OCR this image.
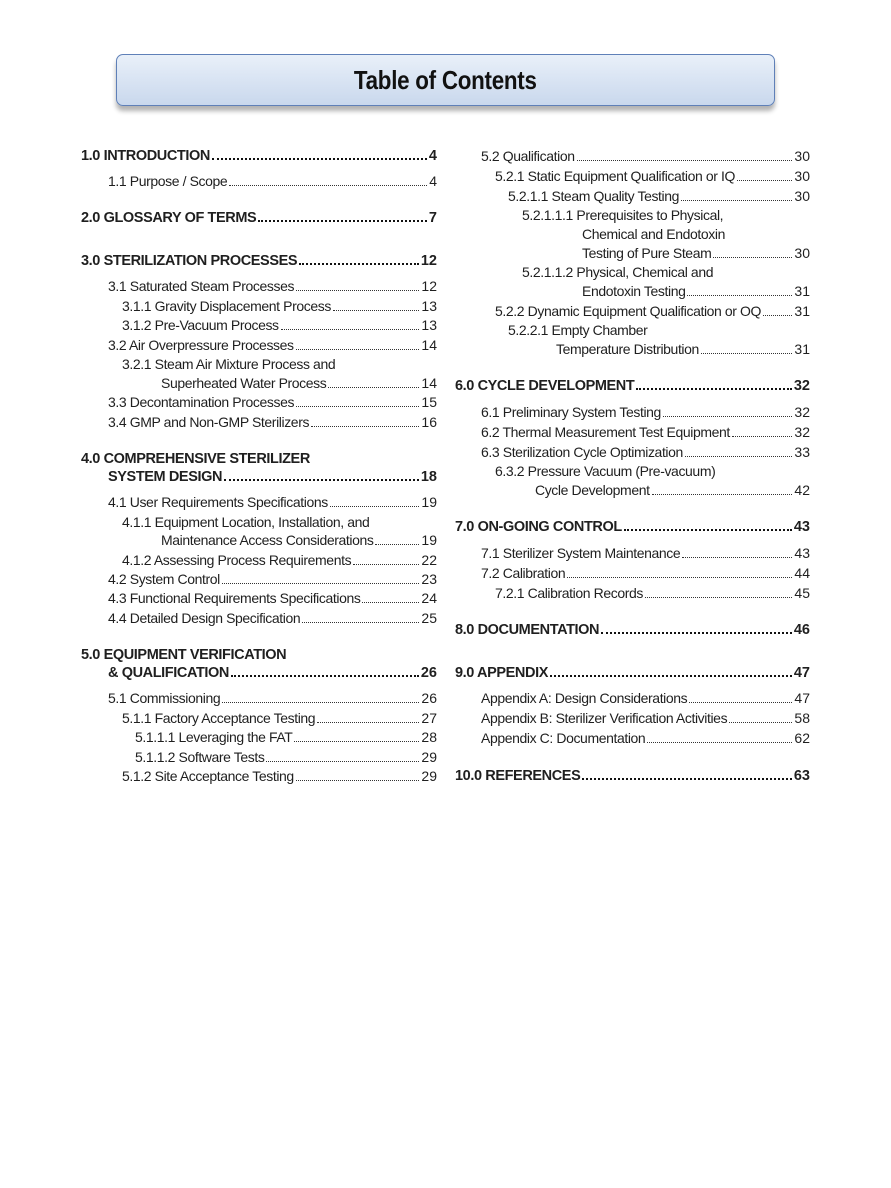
Table of Contents
1.0 INTRODUCTION	4
1.1 Purpose / Scope	4
2.0 GLOSSARY OF TERMS	7
3.0 STERILIZATION PROCESSES	12
3.1 Saturated Steam Processes	12
3.1.1 Gravity Displacement Process	13
3.1.2 Pre-Vacuum Process	13
3.2 Air Overpressure Processes	14
3.2.1 Steam Air Mixture Process and
Superheated Water Process	14
3.3 Decontamination Processes	15
3.4 GMP and Non-GMP Sterilizers	16
4.0 COMPREHENSIVE STERILIZER
SYSTEM DESIGN	18
4.1 User Requirements Specifications	19
4.1.1 Equipment Location, Installation, and
Maintenance Access Considerations	19
4.1.2 Assessing Process Requirements	22
4.2 System Control	23
4.3 Functional Requirements Specifications	24
4.4 Detailed Design Specification	25
5.0 EQUIPMENT VERIFICATION
& QUALIFICATION	26
5.1 Commissioning	26
5.1.1 Factory Acceptance Testing	27
5.1.1.1 Leveraging the FAT	28
5.1.1.2 Software Tests	29
5.1.2 Site Acceptance Testing	29
5.2 Qualification	30
5.2.1 Static Equipment Qualification or IQ	30
5.2.1.1 Steam Quality Testing	30
5.2.1.1.1 Prerequisites to Physical,
Chemical and Endotoxin
Testing of Pure Steam	30
5.2.1.1.2 Physical, Chemical and
Endotoxin Testing	31
5.2.2 Dynamic Equipment Qualification or OQ 31
5.2.2.1 Empty Chamber
Temperature Distribution	31
6.0 CYCLE DEVELOPMENT	32
6.1 Preliminary System Testing	32
6.2 Thermal Measurement Test Equipment	32
6.3 Sterilization Cycle Optimization	33
6.3.2 Pressure Vacuum (Pre-vacuum)
Cycle Development	42
7.0 ON-GOING CONTROL	43
7.1 Sterilizer System Maintenance	43
7.2 Calibration	44
7.2.1 Calibration Records	45
8.0 DOCUMENTATION	46
9.0 APPENDIX	47
Appendix A: Design Considerations	47
Appendix B: Sterilizer Verification Activities	58
Appendix C: Documentation	62
10.0 REFERENCES	63
